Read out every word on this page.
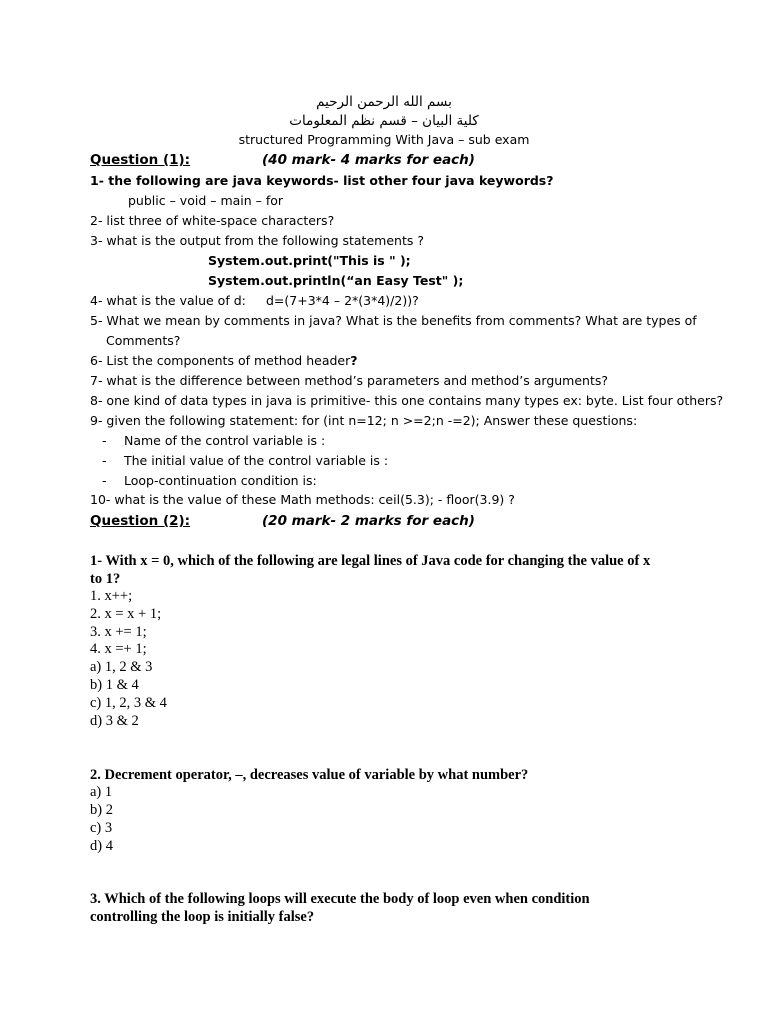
بسم الله الرحمن الرحيم
كلية البيان – قسم نظم المعلومات
structured Programming With Java – sub exam
Question (1):	(40 mark- 4 marks for each)
1- the following are java keywords- list other four java keywords?
public – void – main – for
2- list three of white-space characters?
3- what is the output from the following statements ?
System.out.print("This is " );
System.out.println(“an Easy Test" );
4- what is the value of d: d=(7+3*4 – 2*(3*4)/2))?
5- What we mean by comments in java? What is the benefits from comments? What are types of
Comments?
6- List the components of method header?
7- what is the difference between method’s parameters and method’s arguments?
8- one kind of data types in java is primitive- this one contains many types ex: byte. List four others?
9- given the following statement: for (int n=12; n >=2;n -=2); Answer these questions:
- Name of the control variable is :
- The initial value of the control variable is :
- Loop-continuation condition is:
10- what is the value of these Math methods: ceil(5.3); - floor(3.9) ?
Question (2):	(20 mark- 2 marks for each)
1- With x = 0, which of the following are legal lines of Java code for changing the value of x
to 1?
1. x++;
2. x = x + 1;
3. x += 1;
4. x =+ 1;
a) 1, 2 & 3
b) 1 & 4
c) 1, 2, 3 & 4
d) 3 & 2
2. Decrement operator, –, decreases value of variable by what number?
a) 1
b) 2
c) 3
d) 4
3. Which of the following loops will execute the body of loop even when condition
controlling the loop is initially false?
